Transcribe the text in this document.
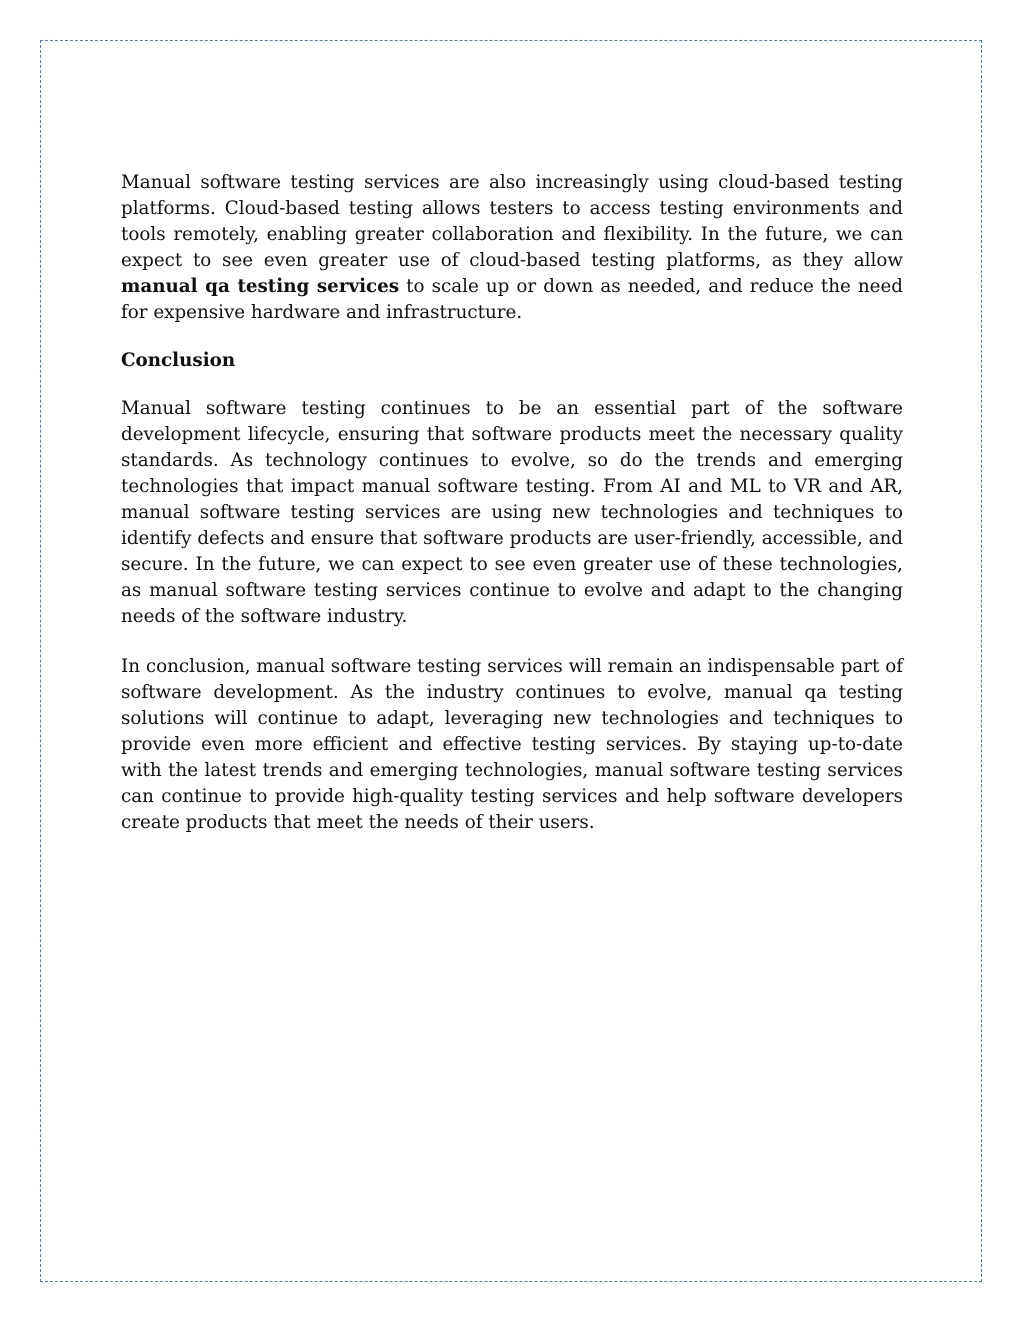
Manual software testing services are also increasingly using cloud-based testing platforms. Cloud-based testing allows testers to access testing environments and tools remotely, enabling greater collaboration and flexibility. In the future, we can expect to see even greater use of cloud-based testing platforms, as they allow manual qa testing services to scale up or down as needed, and reduce the need for expensive hardware and infrastructure.

Conclusion

Manual software testing continues to be an essential part of the software development lifecycle, ensuring that software products meet the necessary quality standards. As technology continues to evolve, so do the trends and emerging technologies that impact manual software testing. From AI and ML to VR and AR, manual software testing services are using new technologies and techniques to identify defects and ensure that software products are user-friendly, accessible, and secure. In the future, we can expect to see even greater use of these technologies, as manual software testing services continue to evolve and adapt to the changing needs of the software industry.

In conclusion, manual software testing services will remain an indispensable part of software development. As the industry continues to evolve, manual qa testing solutions will continue to adapt, leveraging new technologies and techniques to provide even more efficient and effective testing services. By staying up-to-date with the latest trends and emerging technologies, manual software testing services can continue to provide high-quality testing services and help software developers create products that meet the needs of their users.
